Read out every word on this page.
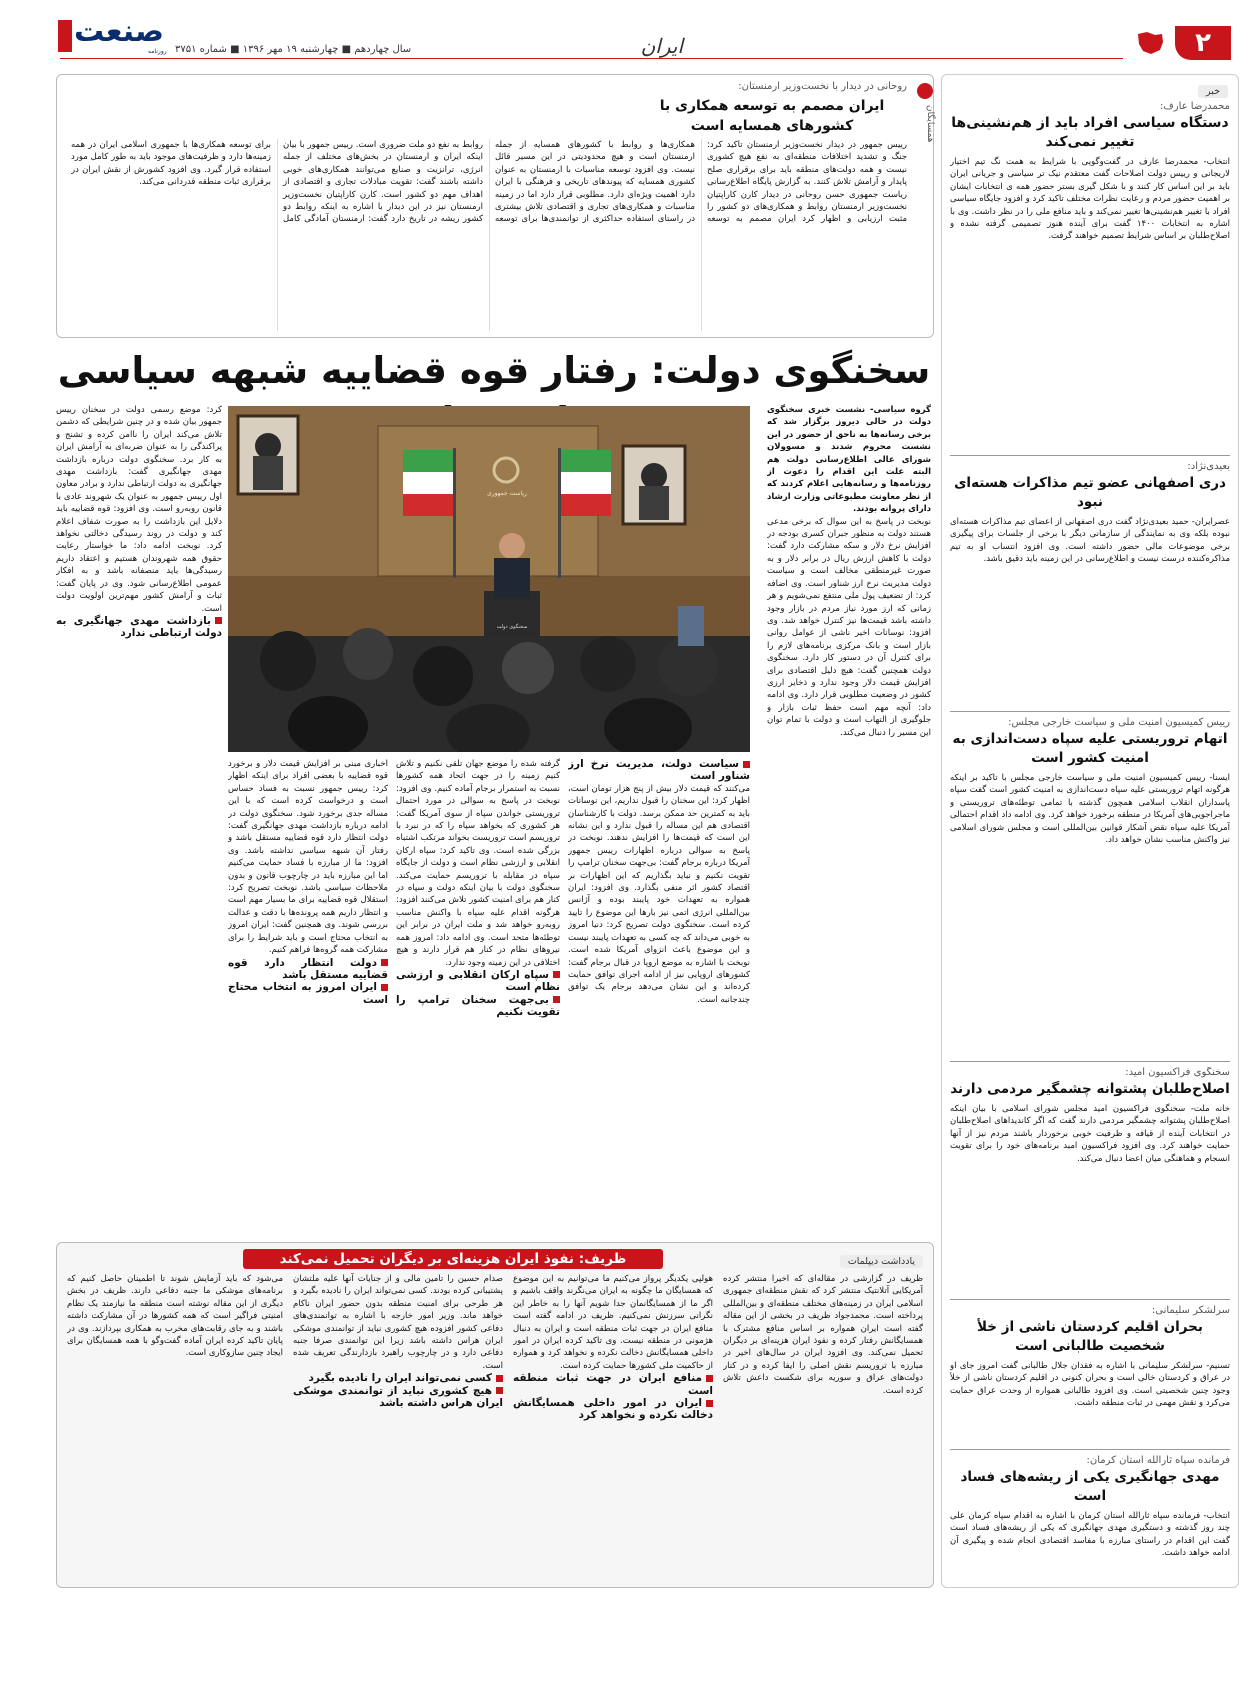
۲
ایران
صنعت
روزنامه سال چهاردهم ■ چهارشنبه ۱۹ مهر ۱۳۹۶ ■ شماره ۳۷۵۱
خبر
محمدرضا عارف:
دستگاه سیاسی افراد باید از هم‌نشینی‌ها تغییر نمی‌کند
انتخاب- محمدرضا عارف در گفت‌وگویی با شرایط به همت نگ تیم اختیار لاریجانی و رییس دولت اصلاحات گفت معتقدم نیک تر سیاسی و جریانی ایران باید بر این اساس کار کنند و با شکل گیری بستر حضور همه ی انتخابات ایشان بر اهمیت حضور مردم و رعایت نظرات مختلف تاکید کرد و افزود جایگاه سیاسی افراد با تغییر هم‌نشینی‌ها تغییر نمی‌کند و باید منافع ملی را در نظر داشت. وی با اشاره به انتخابات ۱۴۰۰ گفت برای آینده هنوز تصمیمی گرفته نشده و اصلاح‌طلبان بر اساس شرایط تصمیم خواهند گرفت.
بعیدی‌نژاد:
دری اصفهانی عضو تیم مذاکرات هسته‌ای نبود
عصرایران- حمید بعیدی‌نژاد گفت دری اصفهانی از اعضای تیم مذاکرات هسته‌ای نبوده بلکه وی به نمایندگی از سازمانی دیگر با برخی از جلسات برای پیگیری برخی موضوعات مالی حضور داشته است. وی افزود انتساب او به تیم مذاکره‌کننده درست نیست و اطلاع‌رسانی در این زمینه باید دقیق باشد.
رییس کمیسیون امنیت ملی و سیاست خارجی مجلس:
اتهام تروریستی علیه سپاه دست‌اندازی به امنیت کشور است
ایسنا- رییس کمیسیون امنیت ملی و سیاست خارجی مجلس با تاکید بر اینکه هرگونه اتهام تروریستی علیه سپاه دست‌اندازی به امنیت کشور است گفت سپاه پاسداران انقلاب اسلامی همچون گذشته با تمامی توطئه‌های تروریستی و ماجراجویی‌های آمریکا در منطقه برخورد خواهد کرد. وی ادامه داد اقدام احتمالی آمریکا علیه سپاه نقض آشکار قوانین بین‌المللی است و مجلس شورای اسلامی نیز واکنش مناسب نشان خواهد داد.
سخنگوی فراکسیون امید:
اصلاح‌طلبان پشتوانه چشمگیر مردمی دارند
خانه ملت- سخنگوی فراکسیون امید مجلس شورای اسلامی با بیان اینکه اصلاح‌طلبان پشتوانه چشمگیر مردمی دارند گفت که اگر کاندیداهای اصلاح‌طلبان در انتخابات آینده از قیافه و ظرفیت خوبی برخوردار باشند مردم نیز از آنها حمایت خواهند کرد. وی افزود فراکسیون امید برنامه‌های خود را برای تقویت انسجام و هماهنگی میان اعضا دنبال می‌کند.
سرلشکر سلیمانی:
بحران اقلیم کردستان ناشی از خلأ شخصیت طالبانی است
تسنیم- سرلشکر سلیمانی با اشاره به فقدان جلال طالبانی گفت امروز جای او در عراق و کردستان خالی است و بحران کنونی در اقلیم کردستان ناشی از خلأ وجود چنین شخصیتی است. وی افزود طالبانی همواره از وحدت عراق حمایت می‌کرد و نقش مهمی در ثبات منطقه داشت.
فرمانده سپاه ثارالله استان کرمان:
مهدی جهانگیری یکی از ریشه‌های فساد است
انتخاب- فرمانده سپاه ثارالله استان کرمان با اشاره به اقدام سپاه کرمان علی چند روز گذشته و دستگیری مهدی جهانگیری که یکی از ریشه‌های فساد است گفت این اقدام در راستای مبارزه با مفاسد اقتصادی انجام شده و پیگیری آن ادامه خواهد داشت.
همسایگان
روحانی در دیدار با نخست‌وزیر ارمنستان:
ایران مصمم به توسعه همکاری با کشورهای همسایه است
رییس جمهور در دیدار نخست‌وزیر ارمنستان تاکید کرد: جنگ و تشدید اختلافات منطقه‌ای به نفع هیچ کشوری نیست و همه دولت‌های منطقه باید برای برقراری صلح پایدار و آرامش تلاش کنند. به گزارش پایگاه اطلاع‌رسانی ریاست جمهوری حسن روحانی در دیدار کارن کاراپتیان نخست‌وزیر ارمنستان روابط و همکاری‌های دو کشور را مثبت ارزیابی و اظهار کرد ایران مصمم به توسعه همکاری‌ها و روابط با کشورهای همسایه از جمله ارمنستان است و هیچ محدودیتی در این مسیر قائل نیست. وی افزود توسعه مناسبات با ارمنستان به عنوان کشوری همسایه که پیوندهای تاریخی و فرهنگی با ایران دارد اهمیت ویژه‌ای دارد. مطلوبی قرار دارد اما در زمینه مناسبات و همکاری‌های تجاری و اقتصادی تلاش بیشتری در راستای استفاده حداکثری از توانمندی‌ها برای توسعه روابط به نفع دو ملت ضروری است. رییس جمهور با بیان اینکه ایران و ارمنستان در بخش‌های مختلف از جمله انرژی، ترانزیت و صنایع می‌توانند همکاری‌های خوبی داشته باشند گفت: تقویت مبادلات تجاری و اقتصادی از اهداف مهم دو کشور است. کارن کاراپتیان نخست‌وزیر ارمنستان نیز در این دیدار با اشاره به اینکه روابط دو کشور ریشه در تاریخ دارد گفت: ارمنستان آمادگی کامل برای توسعه همکاری‌ها با جمهوری اسلامی ایران در همه زمینه‌ها دارد و ظرفیت‌های موجود باید به طور کامل مورد استفاده قرار گیرد. وی افزود کشورش از نقش ایران در برقراری ثبات منطقه قدردانی می‌کند.
سخنگوی دولت: رفتار قوه قضاییه شبهه سیاسی
گروه سیاسی- نشست خبری سخنگوی دولت در حالی دیروز برگزار شد که برخی رسانه‌ها به ناحق از حضور در این نشست محروم شدند و مسوولان شورای عالی اطلاع‌رسانی دولت هم البته علت این اقدام را دعوت از روزنامه‌ها و رسانه‌هایی اعلام کردند که از نظر معاونت مطبوعاتی وزارت ارشاد دارای پروانه بودند.
نوبخت در پاسخ به این سوال که برخی مدعی هستند دولت به منظور جبران کسری بودجه در افزایش نرخ دلار و سکه مشارکت دارد گفت: دولت با کاهش ارزش ریال در برابر دلار و به صورت غیرمنطقی مخالف است و سیاست دولت مدیریت نرخ ارز شناور است. وی اضافه کرد: از تضعیف پول ملی منتفع نمی‌شویم و هر زمانی که ارز مورد نیاز مردم در بازار وجود داشته باشد قیمت‌ها نیز کنترل خواهد شد. وی افزود: نوسانات اخیر ناشی از عوامل روانی بازار است و بانک مرکزی برنامه‌های لازم را برای کنترل آن در دستور کار دارد. سخنگوی دولت همچنین گفت: هیچ دلیل اقتصادی برای افزایش قیمت دلار وجود ندارد و ذخایر ارزی کشور در وضعیت مطلوبی قرار دارد. وی ادامه داد: آنچه مهم است حفظ ثبات بازار و جلوگیری از التهاب است و دولت با تمام توان این مسیر را دنبال می‌کند.
سخنگوی دولت
ریاست جمهوری
سیاست دولت، مدیریت نرخ ارز شناور است
می‌کنند که قیمت دلار بیش از پنج هزار تومان است، اظهار کرد: این سخنان را قبول نداریم، این نوسانات باید به کمترین حد ممکن برسد. دولت با کارشناسان اقتصادی هم این مساله را قبول ندارد و این نشانه این است که قیمت‌ها را افزایش ندهند. نوبخت در پاسخ به سوالی درباره اظهارات رییس جمهور آمریکا درباره برجام گفت: بی‌جهت سخنان ترامپ را تقویت نکنیم و نباید بگذاریم که این اظهارات بر اقتصاد کشور اثر منفی بگذارد. وی افزود: ایران همواره به تعهدات خود پایبند بوده و آژانس بین‌المللی انرژی اتمی نیز بارها این موضوع را تایید کرده است. سخنگوی دولت تصریح کرد: دنیا امروز به خوبی می‌داند که چه کسی به تعهدات پایبند نیست و این موضوع باعث انزوای آمریکا شده است. نوبخت با اشاره به موضع اروپا در قبال برجام گفت: کشورهای اروپایی نیز از ادامه اجرای توافق حمایت کرده‌اند و این نشان می‌دهد برجام یک توافق چندجانبه است.
گرفته شده را موضع جهان تلقی نکنیم و تلاش کنیم زمینه را در جهت اتحاد همه کشورها نسبت به استمرار برجام آماده کنیم. وی افزود: نوبخت در پاسخ به سوالی در مورد احتمال تروریستی خواندن سپاه از سوی آمریکا گفت: هر کشوری که بخواهد سپاه را که در نبرد با تروریسم است تروریست بخواند مرتکب اشتباه بزرگی شده است. وی تاکید کرد: سپاه ارکان انقلابی و ارزشی نظام است و دولت از جایگاه سپاه در مقابله با تروریسم حمایت می‌کند. سخنگوی دولت با بیان اینکه دولت و سپاه در کنار هم برای امنیت کشور تلاش می‌کنند افزود: هرگونه اقدام علیه سپاه با واکنش مناسب روبه‌رو خواهد شد و ملت ایران در برابر این توطئه‌ها متحد است. وی ادامه داد: امروز همه نیروهای نظام در کنار هم قرار دارند و هیچ اختلافی در این زمینه وجود ندارد.
سپاه ارکان انقلابی و ارزشی نظام است
بی‌جهت سخنان ترامپ را تقویت نکنیم
اخباری مبنی بر افزایش قیمت دلار و برخورد قوه قضاییه با بعضی افراد برای اینکه اظهار کرد: رییس جمهور نسبت به فساد حساس است و درخواست کرده است که با این مساله جدی برخورد شود. سخنگوی دولت در ادامه درباره بازداشت مهدی جهانگیری گفت: دولت انتظار دارد قوه قضاییه مستقل باشد و رفتار آن شبهه سیاسی نداشته باشد. وی افزود: ما از مبارزه با فساد حمایت می‌کنیم اما این مبارزه باید در چارچوب قانون و بدون ملاحظات سیاسی باشد. نوبخت تصریح کرد: استقلال قوه قضاییه برای ما بسیار مهم است و انتظار داریم همه پرونده‌ها با دقت و عدالت بررسی شوند. وی همچنین گفت: ایران امروز به انتخاب محتاج است و باید شرایط را برای مشارکت همه گروه‌ها فراهم کنیم.
دولت انتظار دارد قوه قضاییه مستقل باشد
ایران امروز به انتخاب محتاج است
کرد: موضع رسمی دولت در سخنان رییس جمهور بیان شده و در چنین شرایطی که دشمن تلاش می‌کند ایران را ناامن کرده و تشنج و پراکندگی را به عنوان ضربه‌ای به آرامش ایران به کار برد. سخنگوی دولت درباره بازداشت مهدی جهانگیری گفت: بازداشت مهدی جهانگیری به دولت ارتباطی ندارد و برادر معاون اول رییس جمهور به عنوان یک شهروند عادی با قانون روبه‌رو است. وی افزود: قوه قضاییه باید دلایل این بازداشت را به صورت شفاف اعلام کند و دولت در روند رسیدگی دخالتی نخواهد کرد. نوبخت ادامه داد: ما خواستار رعایت حقوق همه شهروندان هستیم و اعتقاد داریم رسیدگی‌ها باید منصفانه باشد و به افکار عمومی اطلاع‌رسانی شود. وی در پایان گفت: ثبات و آرامش کشور مهم‌ترین اولویت دولت است.
بازداشت مهدی جهانگیری به دولت ارتباطی ندارد
یادداشت دیپلمات
ظریف: نفوذ ایران هزینه‌ای بر دیگران تحمیل نمی‌کند
ظریف در گزارشی در مقاله‌ای که اخیرا منتشر کرده آمریکایی آتلانتیک منتشر کرد که نقش منطقه‌ای جمهوری اسلامی ایران در زمینه‌های مختلف منطقه‌ای و بین‌المللی پرداخته است. محمدجواد ظریف در بخشی از این مقاله گفته است ایران همواره بر اساس منافع مشترک با همسایگانش رفتار کرده و نفوذ ایران هزینه‌ای بر دیگران تحمیل نمی‌کند. وی افزود ایران در سال‌های اخیر در مبارزه با تروریسم نقش اصلی را ایفا کرده و در کنار دولت‌های عراق و سوریه برای شکست داعش تلاش کرده است.
هولپی یکدیگر پرواز می‌کنیم ما می‌توانیم به این موضوع که همسایگان ما چگونه به ایران می‌نگرند واقف باشیم و اگر ما از همسایگانمان جدا شویم آنها را به خاطر این نگرانی سرزنش نمی‌کنیم. ظریف در ادامه گفته است منافع ایران در جهت ثبات منطقه است و ایران به دنبال هژمونی در منطقه نیست. وی تاکید کرده ایران در امور داخلی همسایگانش دخالت نکرده و نخواهد کرد و همواره از حاکمیت ملی کشورها حمایت کرده است.
منافع ایران در جهت ثبات منطقه است
ایران در امور داخلی همسایگانش دخالت نکرده و نخواهد کرد
صدام حسین را تامین مالی و از جنایات آنها علیه ملتشان پشتیبانی کرده بودند. کسی نمی‌تواند ایران را نادیده بگیرد و هر طرحی برای امنیت منطقه بدون حضور ایران ناکام خواهد ماند. وزیر امور خارجه با اشاره به توانمندی‌های دفاعی کشور افزوده هیچ کشوری نباید از توانمندی موشکی ایران هراس داشته باشد زیرا این توانمندی صرفا جنبه دفاعی دارد و در چارچوب راهبرد بازدارندگی تعریف شده است.
کسی نمی‌تواند ایران را نادیده بگیرد
هیچ کشوری نباید از توانمندی موشکی ایران هراس داشته باشد
می‌شود که باید آزمایش شوند تا اطمینان حاصل کنیم که برنامه‌های موشکی ما جنبه دفاعی دارند. ظریف در بخش دیگری از این مقاله نوشته است منطقه ما نیازمند یک نظام امنیتی فراگیر است که همه کشورها در آن مشارکت داشته باشند و به جای رقابت‌های مخرب به همکاری بپردازند. وی در پایان تاکید کرده ایران آماده گفت‌وگو با همه همسایگان برای ایجاد چنین سازوکاری است.
